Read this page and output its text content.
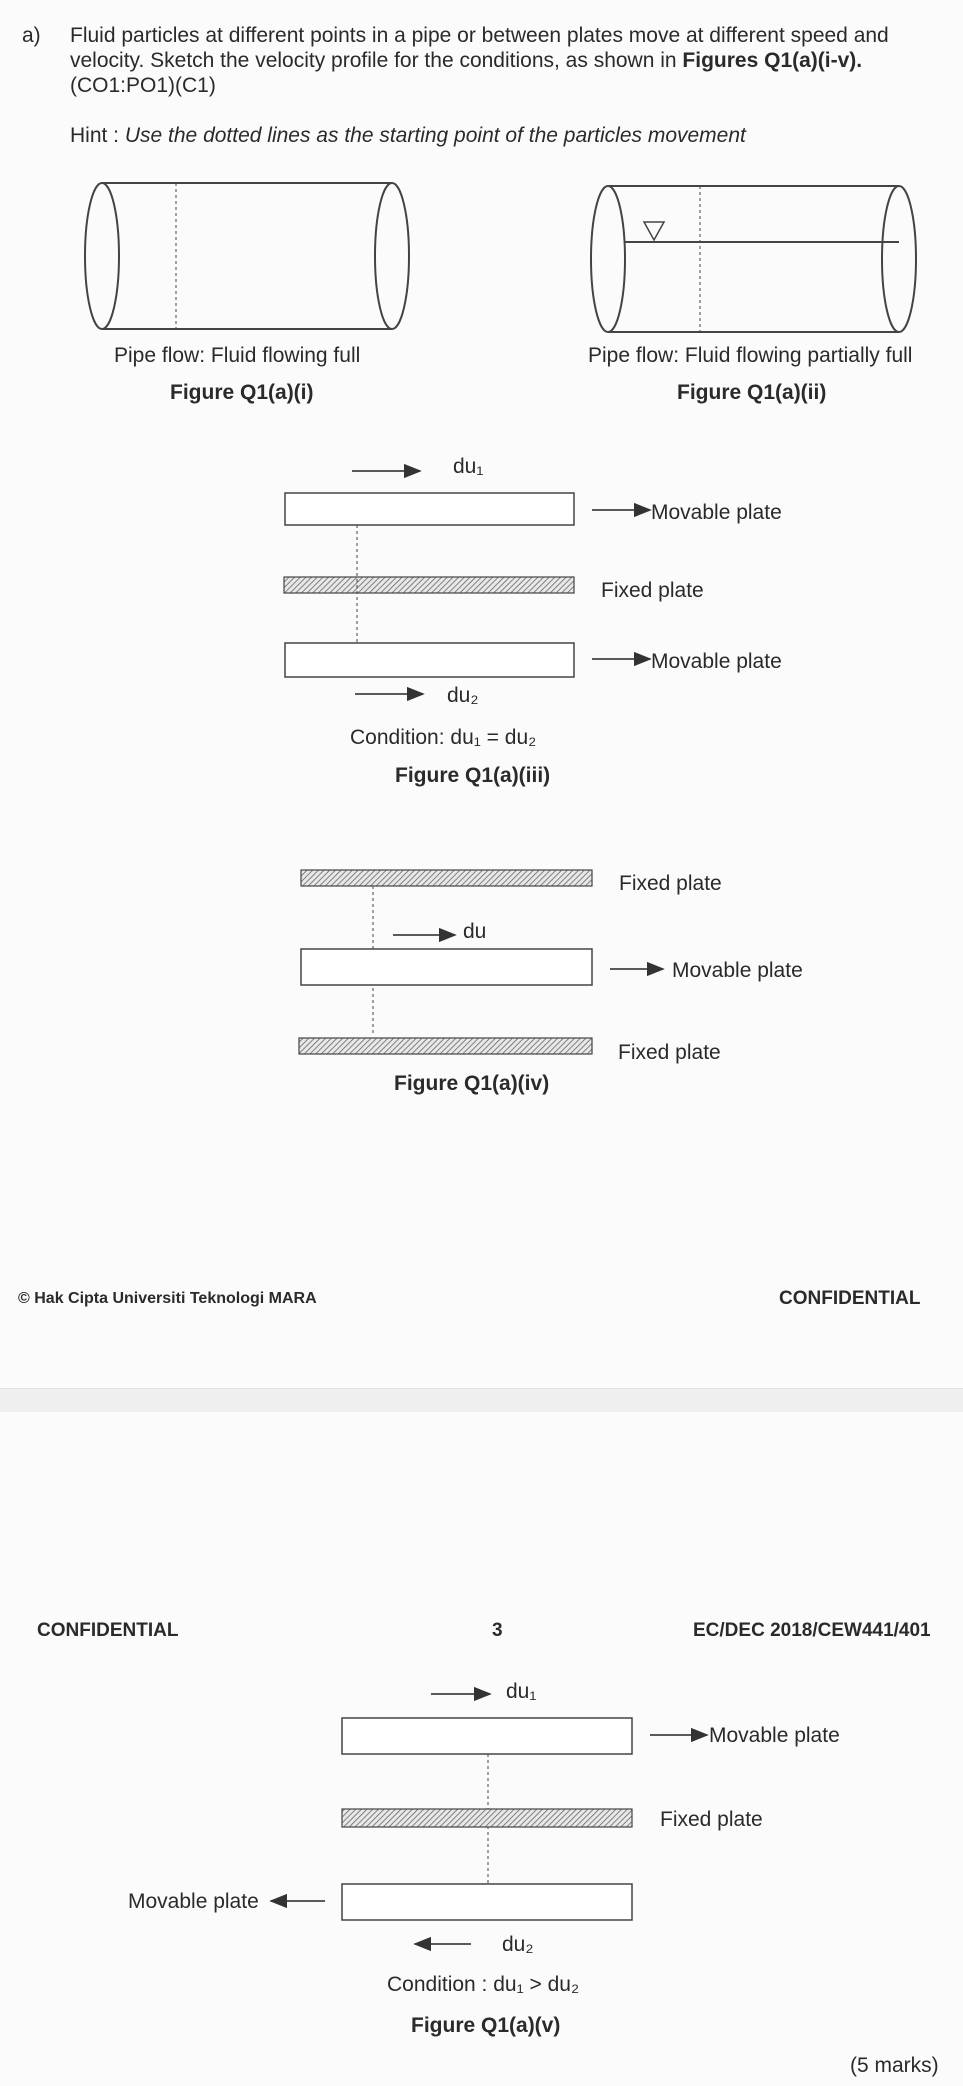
a) Fluid particles at different points in a pipe or between plates move at different speed and
velocity. Sketch the velocity profile for the conditions, as shown in Figures Q1(a)(i-v).
(CO1:PO1)(C1)
Hint : Use the dotted lines as the starting point of the particles movement
Pipe flow: Fluid flowing full
Figure Q1(a)(i)
Pipe flow: Fluid flowing partially full
Figure Q1(a)(ii)
du₁
Movable plate
Fixed plate
Movable plate
du₂
Condition: du₁ = du₂
Figure Q1(a)(iii)
Fixed plate
du
Movable plate
Fixed plate
Figure Q1(a)(iv)
© Hak Cipta Universiti Teknologi MARA	CONFIDENTIAL
CONFIDENTIAL	3	EC/DEC 2018/CEW441/401
du₁
Movable plate
Fixed plate
Movable plate
du₂
Condition : du₁ > du₂
Figure Q1(a)(v)
(5 marks)
